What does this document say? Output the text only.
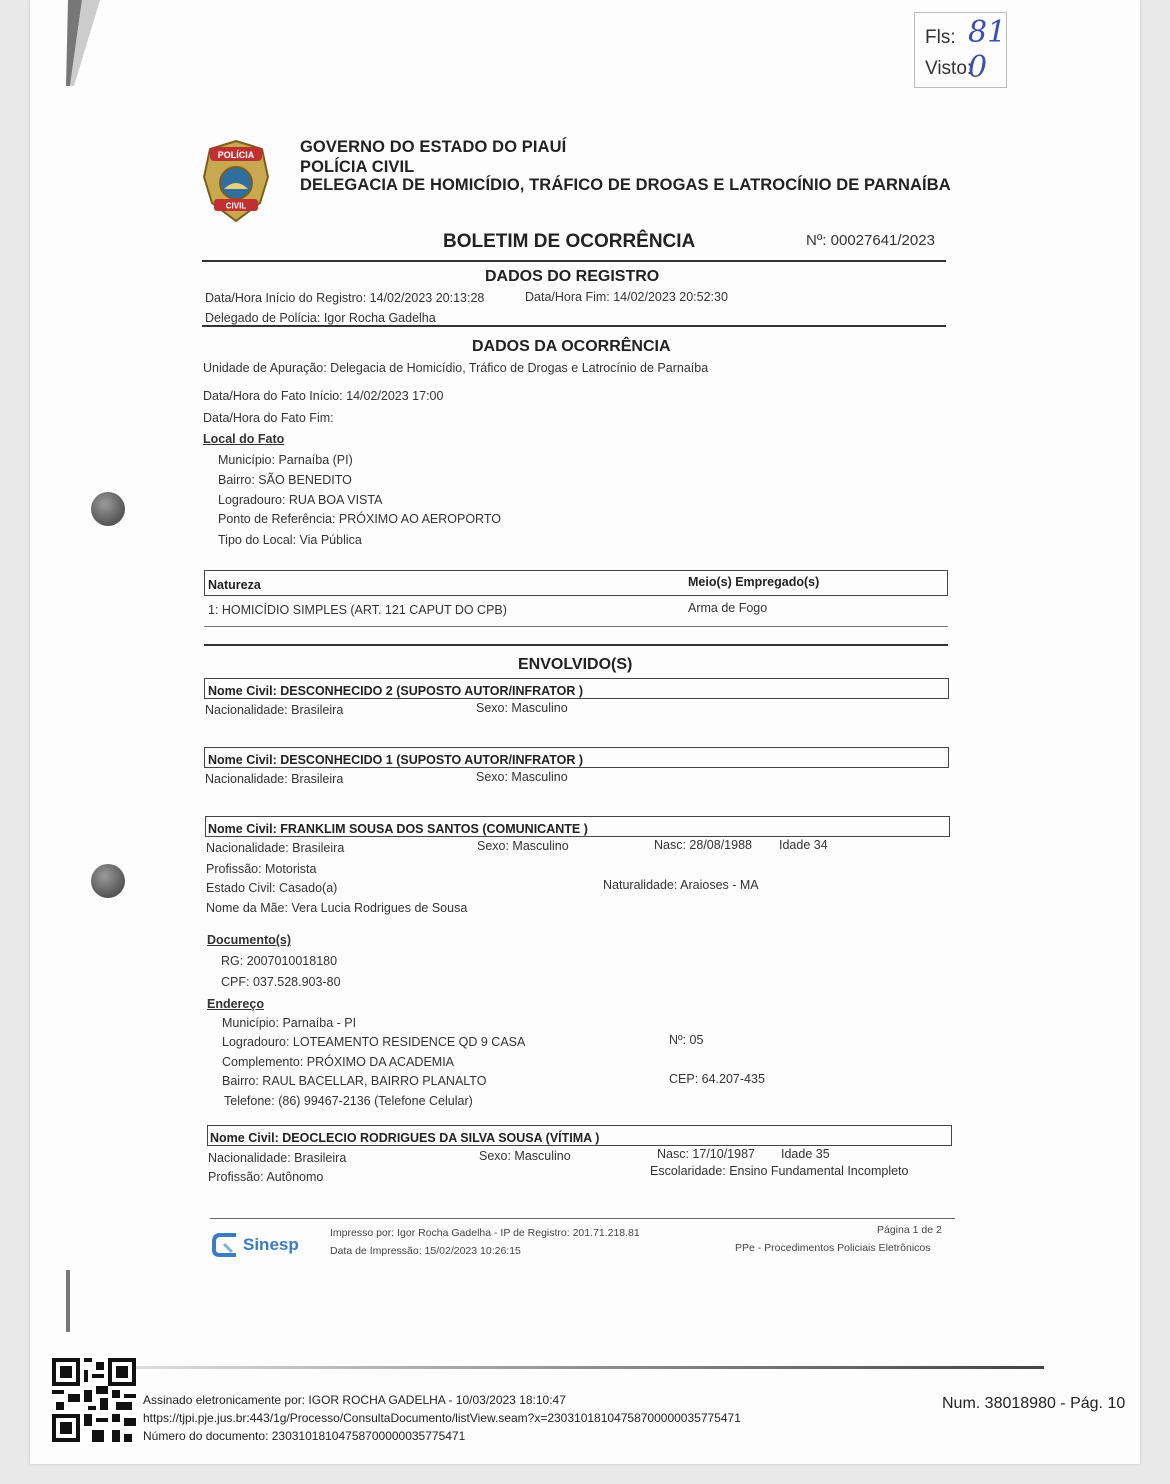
Fls:
Visto:
81 0
POLÍCIA
CIVIL
GOVERNO DO ESTADO DO PIAUÍ
POLÍCIA CIVIL
DELEGACIA DE HOMICÍDIO, TRÁFICO DE DROGAS E LATROCÍNIO DE PARNAÍBA
BOLETIM DE OCORRÊNCIA	Nº: 00027641/2023
DADOS DO REGISTRO
Data/Hora Início do Registro: 14/02/2023 20:13:28	Data/Hora Fim: 14/02/2023 20:52:30
Delegado de Polícia: Igor Rocha Gadelha
DADOS DA OCORRÊNCIA
Unidade de Apuração: Delegacia de Homicídio, Tráfico de Drogas e Latrocínio de Parnaíba
Data/Hora do Fato Início: 14/02/2023 17:00
Data/Hora do Fato Fim:
Local do Fato
Município: Parnaíba (PI)
Bairro: SÃO BENEDITO
Logradouro: RUA BOA VISTA
Ponto de Referência: PRÓXIMO AO AEROPORTO
Tipo do Local: Via Pública
Natureza	Meio(s) Empregado(s)
1: HOMICÍDIO SIMPLES (ART. 121 CAPUT DO CPB)	Arma de Fogo
ENVOLVIDO(S)
Nome Civil: DESCONHECIDO 2 (SUPOSTO AUTOR/INFRATOR )
Nacionalidade: Brasileira	Sexo: Masculino
Nome Civil: DESCONHECIDO 1 (SUPOSTO AUTOR/INFRATOR )
Nacionalidade: Brasileira	Sexo: Masculino
Nome Civil: FRANKLIM SOUSA DOS SANTOS (COMUNICANTE )
Nacionalidade: Brasileira	Sexo: Masculino	Nasc: 28/08/1988 Idade 34
Profissão: Motorista
Estado Civil: Casado(a)	Naturalidade: Araioses - MA
Nome da Mãe: Vera Lucia Rodrigues de Sousa
Documento(s)
RG: 2007010018180
CPF: 037.528.903-80
Endereço
Município: Parnaíba - PI
Logradouro: LOTEAMENTO RESIDENCE QD 9 CASA	Nº: 05
Complemento: PRÓXIMO DA ACADEMIA
Bairro: RAUL BACELLAR, BAIRRO PLANALTO	CEP: 64.207-435
Telefone: (86) 99467-2136 (Telefone Celular)
Nome Civil: DEOCLECIO RODRIGUES DA SILVA SOUSA (VÍTIMA )
Nacionalidade: Brasileira	Sexo: Masculino	Nasc: 17/10/1987 Idade 35
Profissão: Autônomo	Escolaridade: Ensino Fundamental Incompleto
Sinesp
Impresso por: Igor Rocha Gadelha - IP de Registro: 201.71.218.81
Data de Impressão: 15/02/2023 10:26:15
Página 1 de 2
PPe - Procedimentos Policiais Eletrônicos
Assinado eletronicamente por: IGOR ROCHA GADELHA - 10/03/2023 18:10:47
https://tjpi.pje.jus.br:443/1g/Processo/ConsultaDocumento/listView.seam?x=23031018104758700000035775471
Número do documento: 23031018104758700000035775471
Num. 38018980 - Pág. 10
